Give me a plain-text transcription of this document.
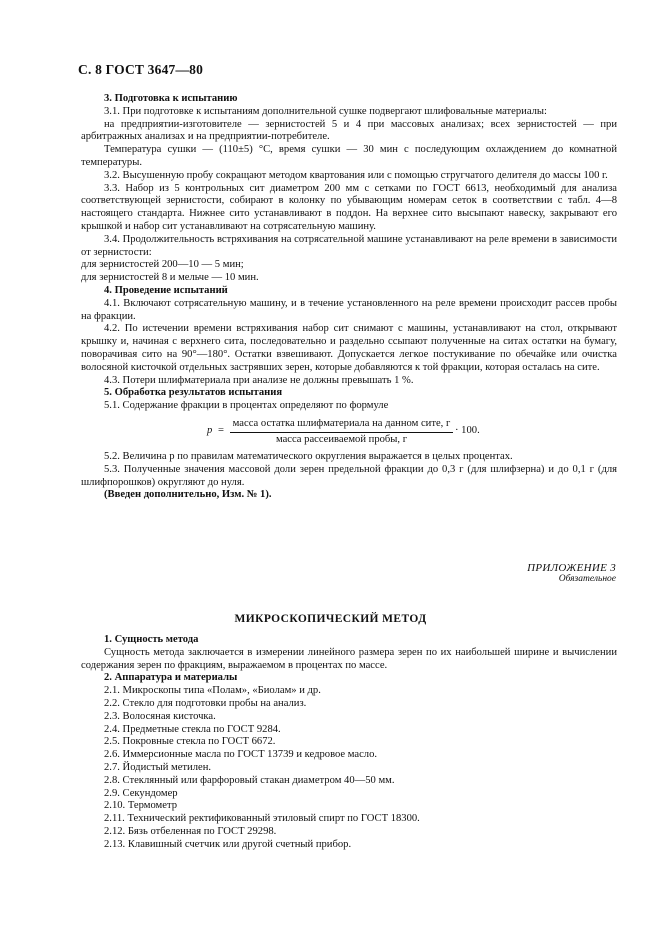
С. 8 ГОСТ 3647—80

3. Подготовка к испытанию

3.1. При подготовке к испытаниям дополнительной сушке подвергают шлифовальные материалы:

на предприятии-изготовителе — зернистостей 5 и 4 при массовых анализах; всех зернистостей — при арбитражных анализах и на предприятии-потребителе.

Температура сушки — (110±5) °С, время сушки — 30 мин с последующим охлаждением до комнатной температуры.

3.2. Высушенную пробу сокращают методом квартования или с помощью стругчатого делителя до массы 100 г.

3.3. Набор из 5 контрольных сит диаметром 200 мм с сетками по ГОСТ 6613, необходимый для анализа соответствующей зернистости, собирают в колонку по убывающим номерам сеток в соответствии с табл. 4—8 настоящего стандарта. Нижнее сито устанавливают в поддон. На верхнее сито высыпают навеску, закрывают его крышкой и набор сит устанавливают на сотрясательную машину.

3.4. Продолжительность встряхивания на сотрясательной машине устанавливают на реле времени в зависимости от зернистости:

для зернистостей 200—10 — 5 мин;

для зернистостей 8 и мельче — 10 мин.

4. Проведение испытаний

4.1. Включают сотрясательную машину, и в течение установленного на реле времени происходит рассев пробы на фракции.

4.2. По истечении времени встряхивания набор сит снимают с машины, устанавливают на стол, открывают крышку и, начиная с верхнего сита, последовательно и раздельно ссыпают полученные на ситах остатки на бумагу, поворачивая сито на 90°—180°. Остатки взвешивают. Допускается легкое постукивание по обечайке или очистка волосяной кисточкой отдельных застрявших зерен, которые добавляются к той фракции, которая осталась на сите.

4.3. Потери шлифматериала при анализе не должны превышать 1 %.

5. Обработка результатов испытания

5.1. Содержание фракции в процентах определяют по формуле

p =
масса остатка шлифматериала на данном сите, г
масса рассеиваемой пробы, г
· 100.

5.2. Величина p по правилам математического округления выражается в целых процентах.

5.3. Полученные значения массовой доли зерен предельной фракции до 0,3 г (для шлифзерна) и до 0,1 г (для шлифпорошков) округляют до нуля.

(Введен дополнительно, Изм. № 1).

ПРИЛОЖЕНИЕ 3
Обязательное
МИКРОСКОПИЧЕСКИЙ МЕТОД

1. Сущность метода

Сущность метода заключается в измерении линейного размера зерен по их наибольшей ширине и вычислении содержания зерен по фракциям, выражаемом в процентах по массе.

2. Аппаратура и материалы

2.1. Микроскопы типа «Полам», «Биолам» и др.

2.2. Стекло для подготовки пробы на анализ.

2.3. Волосяная кисточка.

2.4. Предметные стекла по ГОСТ 9284.

2.5. Покровные стекла по ГОСТ 6672.

2.6. Иммерсионные масла по ГОСТ 13739 и кедровое масло.

2.7. Йодистый метилен.

2.8. Стеклянный или фарфоровый стакан диаметром 40—50 мм.

2.9. Секундомер

2.10. Термометр

2.11. Технический ректификованный этиловый спирт по ГОСТ 18300.

2.12. Бязь отбеленная по ГОСТ 29298.

2.13. Клавишный счетчик или другой счетный прибор.
